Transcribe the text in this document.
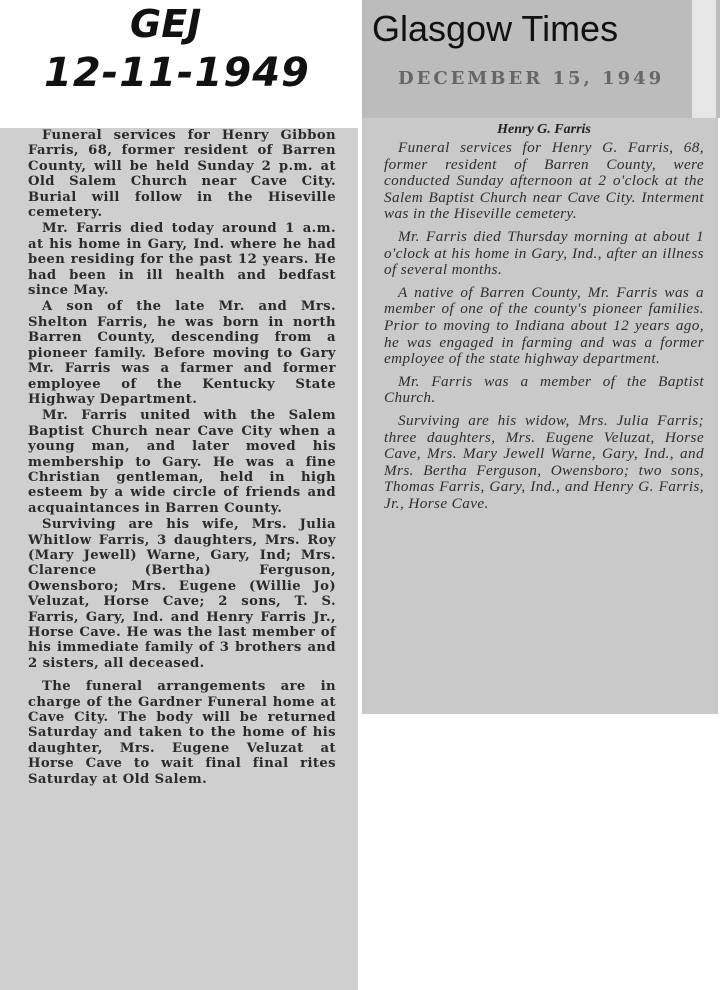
GEJ
12-11-1949

Funeral services for Henry Gibbon Farris, 68, former resident of Barren County, will be held Sunday 2 p.m. at Old Salem Church near Cave City. Burial will follow in the Hiseville cemetery.

Mr. Farris died today around 1 a.m. at his home in Gary, Ind. where he had been residing for the past 12 years. He had been in ill health and bedfast since May.

A son of the late Mr. and Mrs. Shelton Farris, he was born in north Barren County, descending from a pioneer family. Before moving to Gary Mr. Farris was a farmer and former employee of the Kentucky State Highway Department.

Mr. Farris united with the Salem Baptist Church near Cave City when a young man, and later moved his membership to Gary. He was a fine Christian gentleman, held in high esteem by a wide circle of friends and acquaintances in Barren County.

Surviving are his wife, Mrs. Julia Whitlow Farris, 3 daughters, Mrs. Roy (Mary Jewell) Warne, Gary, Ind; Mrs. Clarence (Bertha) Ferguson, Owensboro; Mrs. Eugene (Willie Jo) Veluzat, Horse Cave; 2 sons, T. S. Farris, Gary, Ind. and Henry Farris Jr., Horse Cave. He was the last member of his immediate family of 3 brothers and 2 sisters, all deceased.

The funeral arrangements are in charge of the Gardner Funeral home at Cave City. The body will be returned Saturday and taken to the home of his daughter, Mrs. Eugene Veluzat at Horse Cave to wait final final rites Saturday at Old Salem.

Glasgow Times
DECEMBER 15, 1949
Henry G. Farris

Funeral services for Henry G. Farris, 68, former resident of Barren County, were conducted Sunday afternoon at 2 o'clock at the Salem Baptist Church near Cave City. Interment was in the Hiseville cemetery.

Mr. Farris died Thursday morning at about 1 o'clock at his home in Gary, Ind., after an illness of several months.

A native of Barren County, Mr. Farris was a member of one of the county's pioneer families. Prior to moving to Indiana about 12 years ago, he was engaged in farming and was a former employee of the state highway department.

Mr. Farris was a member of the Baptist Church.

Surviving are his widow, Mrs. Julia Farris; three daughters, Mrs. Eugene Veluzat, Horse Cave, Mrs. Mary Jewell Warne, Gary, Ind., and Mrs. Bertha Ferguson, Owensboro; two sons, Thomas Farris, Gary, Ind., and Henry G. Farris, Jr., Horse Cave.
